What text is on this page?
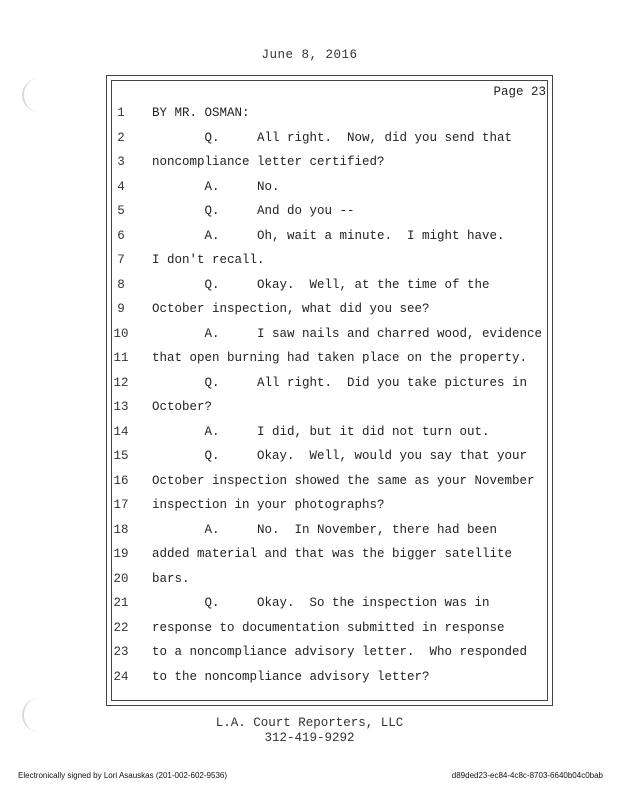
June 8, 2016
Page 23
1	BY MR. OSMAN:
2	Q.     All right.  Now, did you send that
3	noncompliance letter certified?
4	A.     No.
5	Q.     And do you --
6	A.     Oh, wait a minute.  I might have.
7	I don't recall.
8	Q.     Okay.  Well, at the time of the
9	October inspection, what did you see?
10	A.     I saw nails and charred wood, evidence
11	that open burning had taken place on the property.
12	Q.     All right.  Did you take pictures in
13	October?
14	A.     I did, but it did not turn out.
15	Q.     Okay.  Well, would you say that your
16	October inspection showed the same as your November
17	inspection in your photographs?
18	A.     No.  In November, there had been
19	added material and that was the bigger satellite
20	bars.
21	Q.     Okay.  So the inspection was in
22	response to documentation submitted in response
23	to a noncompliance advisory letter.  Who responded
24	to the noncompliance advisory letter?
L.A. Court Reporters, LLC
312-419-9292
Electronically signed by Lori Asauskas (201-002-602-9536)	d89ded23-ec84-4c8c-8703-6640b04c0bab
